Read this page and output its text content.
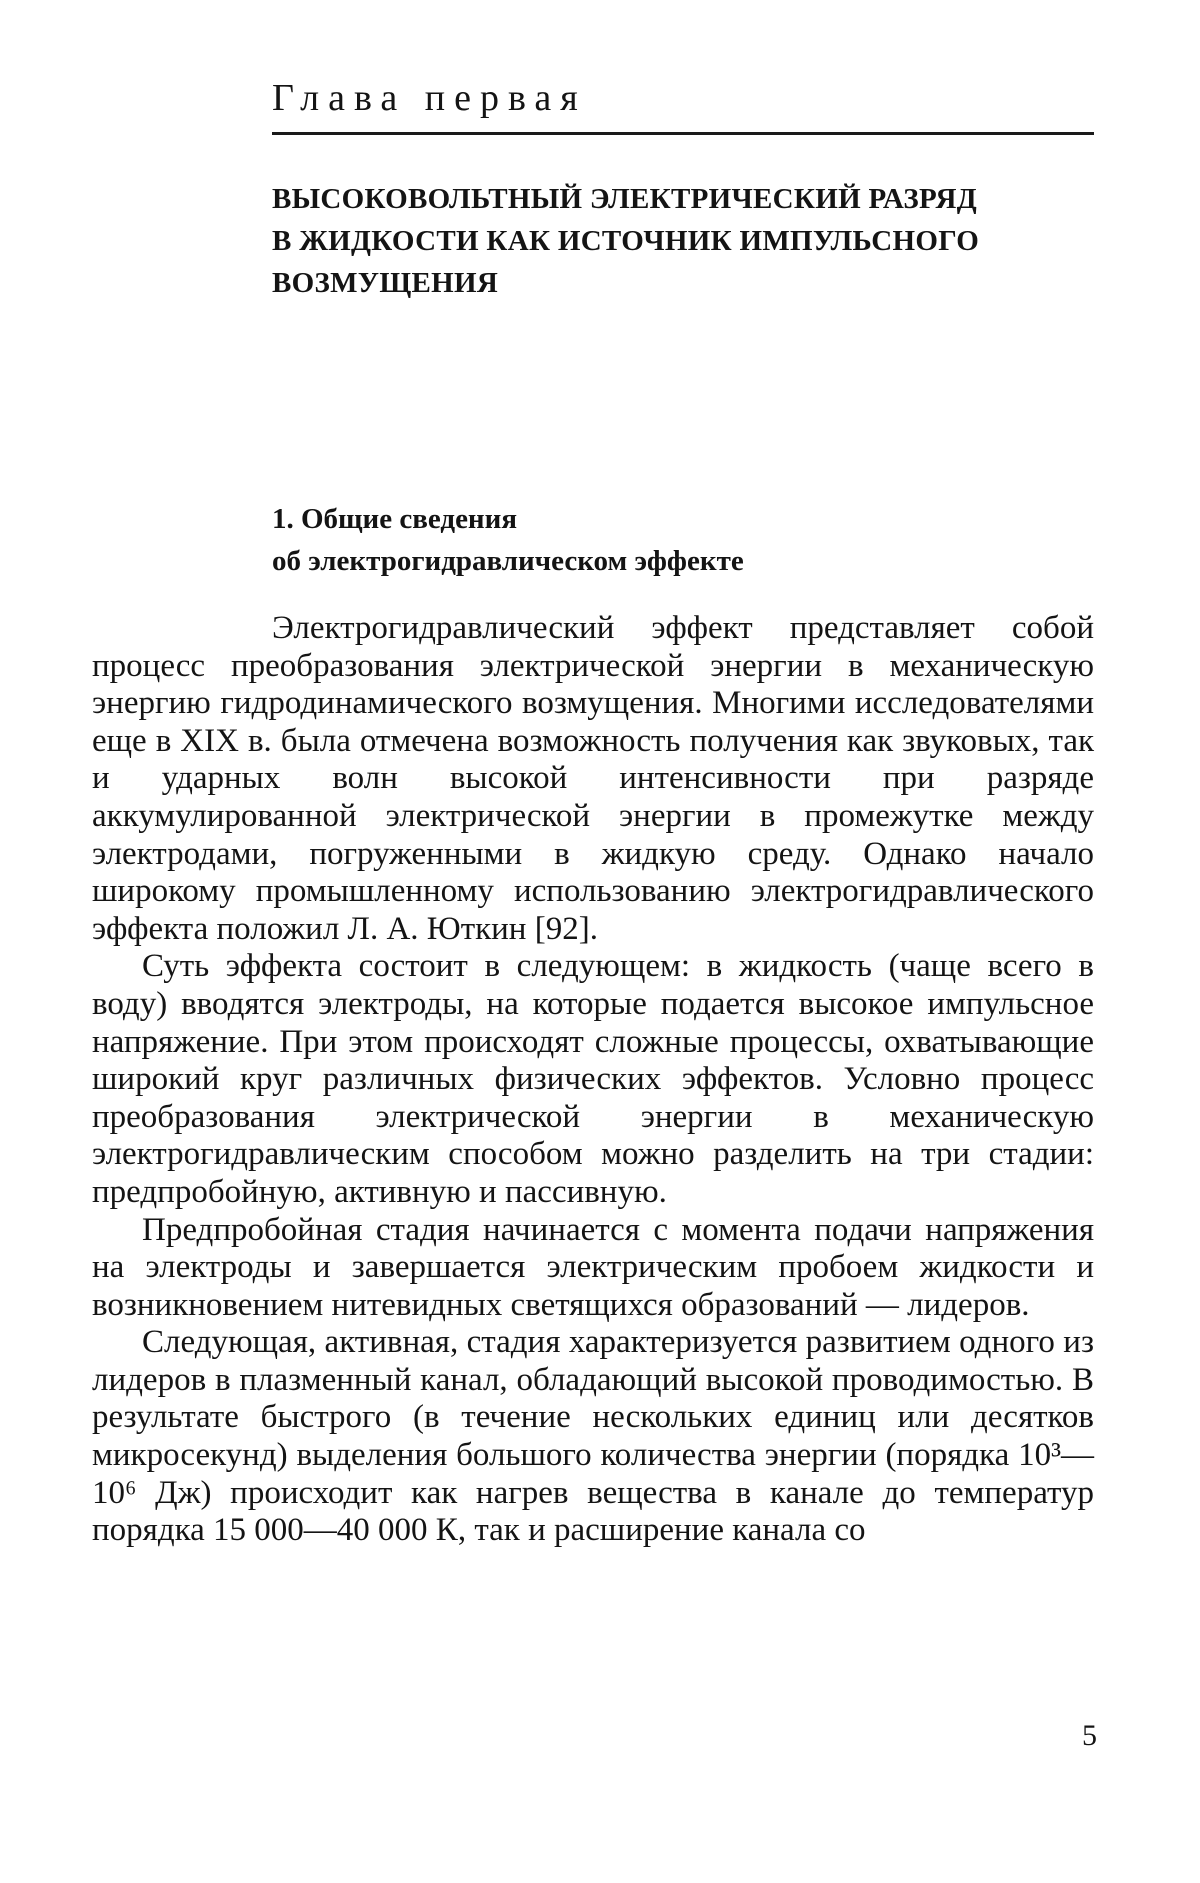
Глава первая
ВЫСОКОВОЛЬТНЫЙ ЭЛЕКТРИЧЕСКИЙ РАЗРЯД
В ЖИДКОСТИ КАК ИСТОЧНИК ИМПУЛЬСНОГО
ВОЗМУЩЕНИЯ
1. Общие сведения
об электрогидравлическом эффекте

Электрогидравлический эффект представляет собой процесс преобразования электрической энергии в механическую энергию гидродинамического возмущения. Многими исследователями еще в XIX в. была отмечена возможность получения как звуковых, так и ударных волн высокой интенсивности при разряде аккумулированной электрической энергии в промежутке между электродами, погруженными в жидкую среду. Однако начало широкому промышленному использованию электрогидравлического эффекта положил Л. А. Юткин [92].

Суть эффекта состоит в следующем: в жидкость (чаще всего в воду) вводятся электроды, на которые подается высокое импульсное напряжение. При этом происходят сложные процессы, охватывающие широкий круг различных физических эффектов. Условно процесс преобразования электрической энергии в механическую электрогидравлическим способом можно разделить на три стадии: предпробойную, активную и пассивную.

Предпробойная стадия начинается с момента подачи напряжения на электроды и завершается электрическим пробоем жидкости и возникновением нитевидных светящихся образований — лидеров.

Следующая, активная, стадия характеризуется развитием одного из лидеров в плазменный канал, обладающий высокой проводимостью. В результате быстрого (в течение нескольких единиц или десятков микросекунд) выделения большого количества энергии (порядка 10³—10⁶ Дж) происходит как нагрев вещества в канале до температур порядка 15 000—40 000 К, так и расширение канала со

5
